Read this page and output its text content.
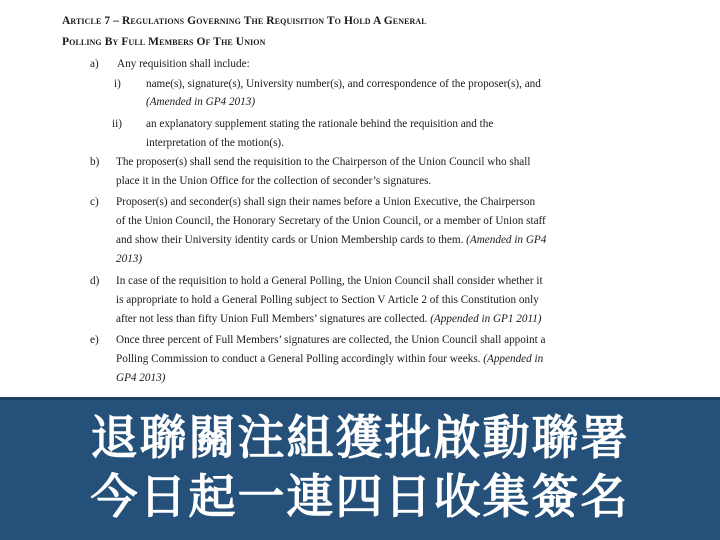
Article 7 – Regulations Governing The Requisition To Hold A General
Polling By Full Members Of The Union
a) Any requisition shall include:
i) name(s), signature(s), University number(s), and correspondence of the proposer(s), and
(Amended in GP4 2013)
ii) an explanatory supplement stating the rationale behind the requisition and the
interpretation of the motion(s).
b) The proposer(s) shall send the requisition to the Chairperson of the Union Council who shall
place it in the Union Office for the collection of seconder’s signatures.
c) Proposer(s) and seconder(s) shall sign their names before a Union Executive, the Chairperson
of the Union Council, the Honorary Secretary of the Union Council, or a member of Union staff
and show their University identity cards or Union Membership cards to them. (Amended in GP4
2013)
d) In case of the requisition to hold a General Polling, the Union Council shall consider whether it
is appropriate to hold a General Polling subject to Section V Article 2 of this Constitution only
after not less than fifty Union Full Members’ signatures are collected. (Appended in GP1 2011)
e) Once three percent of Full Members’ signatures are collected, the Union Council shall appoint a
Polling Commission to conduct a General Polling accordingly within four weeks. (Appended in
GP4 2013)
退聯關注組獲批啟動聯署
今日起一連四日收集簽名
